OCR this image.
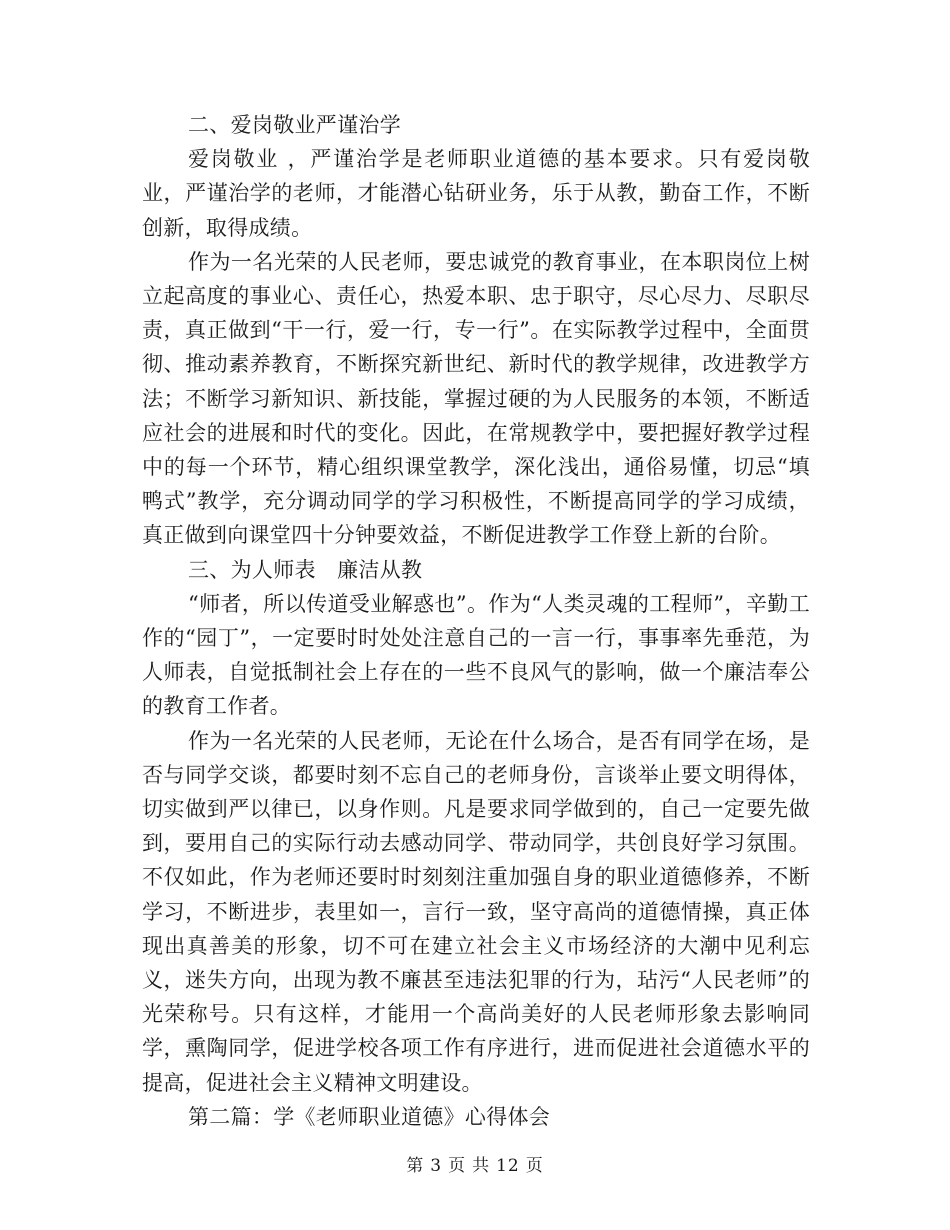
二、爱岗敬业严谨治学

爱岗敬业 ，严谨治学是老师职业道德的基本要求。只有爱岗敬业，严谨治学的老师，才能潜心钻研业务，乐于从教，勤奋工作，不断创新，取得成绩。

作为一名光荣的人民老师，要忠诚党的教育事业，在本职岗位上树立起高度的事业心、责任心，热爱本职、忠于职守，尽心尽力、尽职尽责，真正做到“干一行，爱一行，专一行”。在实际教学过程中，全面贯彻、推动素养教育，不断探究新世纪、新时代的教学规律，改进教学方法；不断学习新知识、新技能，掌握过硬的为人民服务的本领，不断适应社会的进展和时代的变化。因此，在常规教学中，要把握好教学过程中的每一个环节，精心组织课堂教学，深化浅出，通俗易懂，切忌“填鸭式”教学，充分调动同学的学习积极性，不断提高同学的学习成绩，真正做到向课堂四十分钟要效益，不断促进教学工作登上新的台阶。

三、为人师表　廉洁从教

“师者，所以传道受业解惑也”。作为“人类灵魂的工程师”，辛勤工作的“园丁”，一定要时时处处注意自己的一言一行，事事率先垂范，为人师表，自觉抵制社会上存在的一些不良风气的影响，做一个廉洁奉公的教育工作者。

作为一名光荣的人民老师，无论在什么场合，是否有同学在场，是否与同学交谈，都要时刻不忘自己的老师身份，言谈举止要文明得体，切实做到严以律已，以身作则。凡是要求同学做到的，自己一定要先做到，要用自己的实际行动去感动同学、带动同学，共创良好学习氛围。不仅如此，作为老师还要时时刻刻注重加强自身的职业道德修养，不断学习，不断进步，表里如一，言行一致，坚守高尚的道德情操，真正体现出真善美的形象，切不可在建立社会主义市场经济的大潮中见利忘义，迷失方向，出现为教不廉甚至违法犯罪的行为，玷污“人民老师”的光荣称号。只有这样，才能用一个高尚美好的人民老师形象去影响同学，熏陶同学，促进学校各项工作有序进行，进而促进社会道德水平的提高，促进社会主义精神文明建设。

第二篇：学《老师职业道德》心得体会

第 3 页 共 12 页
